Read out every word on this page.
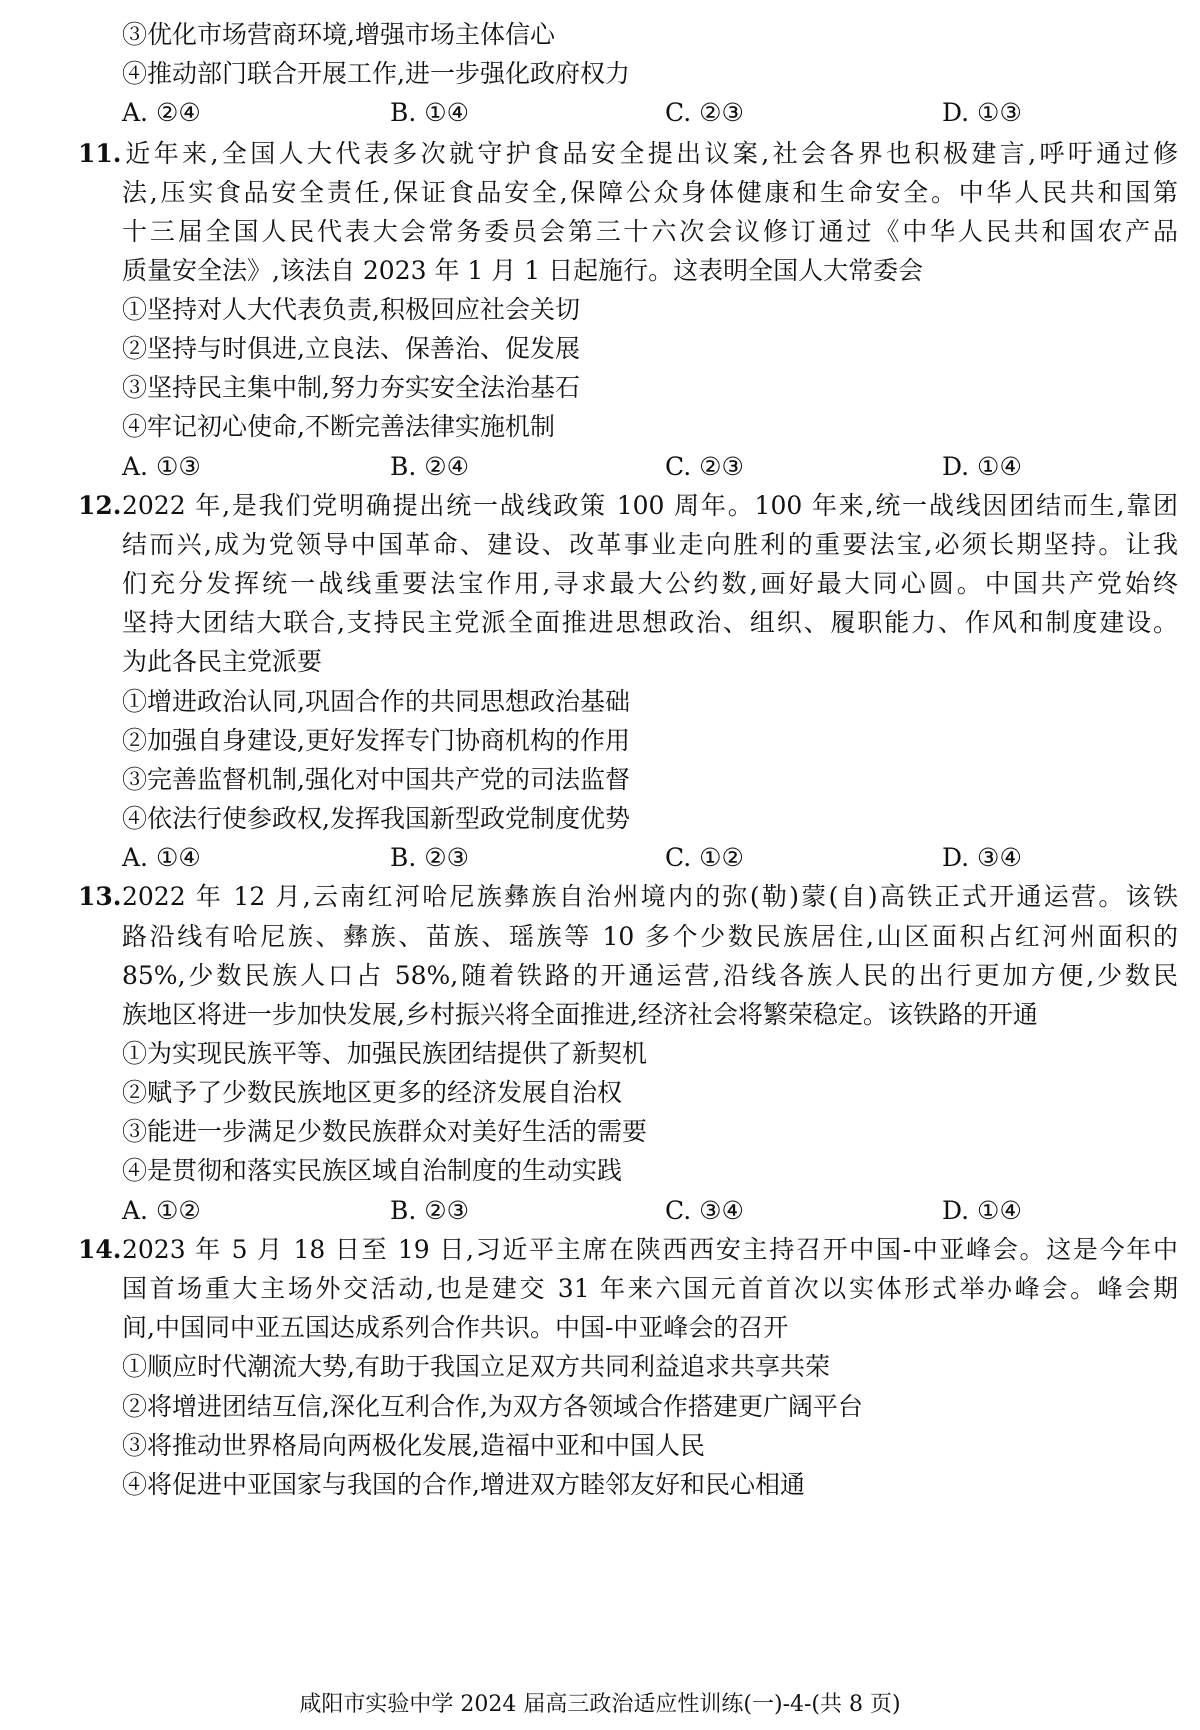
③优化市场营商环境,增强市场主体信心
④推动部门联合开展工作,进一步强化政府权力
A. ②④	B. ①④	C. ②③	D. ①③
11.近年来,全国人大代表多次就守护食品安全提出议案,社会各界也积极建言,呼吁通过修
法,压实食品安全责任,保证食品安全,保障公众身体健康和生命安全。中华人民共和国第
十三届全国人民代表大会常务委员会第三十六次会议修订通过《中华人民共和国农产品
质量安全法》,该法自 2023 年 1 月 1 日起施行。这表明全国人大常委会
①坚持对人大代表负责,积极回应社会关切
②坚持与时俱进,立良法、保善治、促发展
③坚持民主集中制,努力夯实安全法治基石
④牢记初心使命,不断完善法律实施机制
A. ①③	B. ②④	C. ②③	D. ①④
12.2022 年,是我们党明确提出统一战线政策 100 周年。100 年来,统一战线因团结而生,靠团
结而兴,成为党领导中国革命、建设、改革事业走向胜利的重要法宝,必须长期坚持。让我
们充分发挥统一战线重要法宝作用,寻求最大公约数,画好最大同心圆。中国共产党始终
坚持大团结大联合,支持民主党派全面推进思想政治、组织、履职能力、作风和制度建设。
为此各民主党派要
①增进政治认同,巩固合作的共同思想政治基础
②加强自身建设,更好发挥专门协商机构的作用
③完善监督机制,强化对中国共产党的司法监督
④依法行使参政权,发挥我国新型政党制度优势
A. ①④	B. ②③	C. ①②	D. ③④
13.2022 年 12 月,云南红河哈尼族彝族自治州境内的弥(勒)蒙(自)高铁正式开通运营。该铁
路沿线有哈尼族、彝族、苗族、瑶族等 10 多个少数民族居住,山区面积占红河州面积的
85%,少数民族人口占 58%,随着铁路的开通运营,沿线各族人民的出行更加方便,少数民
族地区将进一步加快发展,乡村振兴将全面推进,经济社会将繁荣稳定。该铁路的开通
①为实现民族平等、加强民族团结提供了新契机
②赋予了少数民族地区更多的经济发展自治权
③能进一步满足少数民族群众对美好生活的需要
④是贯彻和落实民族区域自治制度的生动实践
A. ①②	B. ②③	C. ③④	D. ①④
14.2023 年 5 月 18 日至 19 日,习近平主席在陕西西安主持召开中国-中亚峰会。这是今年中
国首场重大主场外交活动,也是建交 31 年来六国元首首次以实体形式举办峰会。峰会期
间,中国同中亚五国达成系列合作共识。中国-中亚峰会的召开
①顺应时代潮流大势,有助于我国立足双方共同利益追求共享共荣
②将增进团结互信,深化互利合作,为双方各领域合作搭建更广阔平台
③将推动世界格局向两极化发展,造福中亚和中国人民
④将促进中亚国家与我国的合作,增进双方睦邻友好和民心相通
咸阳市实验中学 2024 届高三政治适应性训练(一)-4-(共 8 页)
